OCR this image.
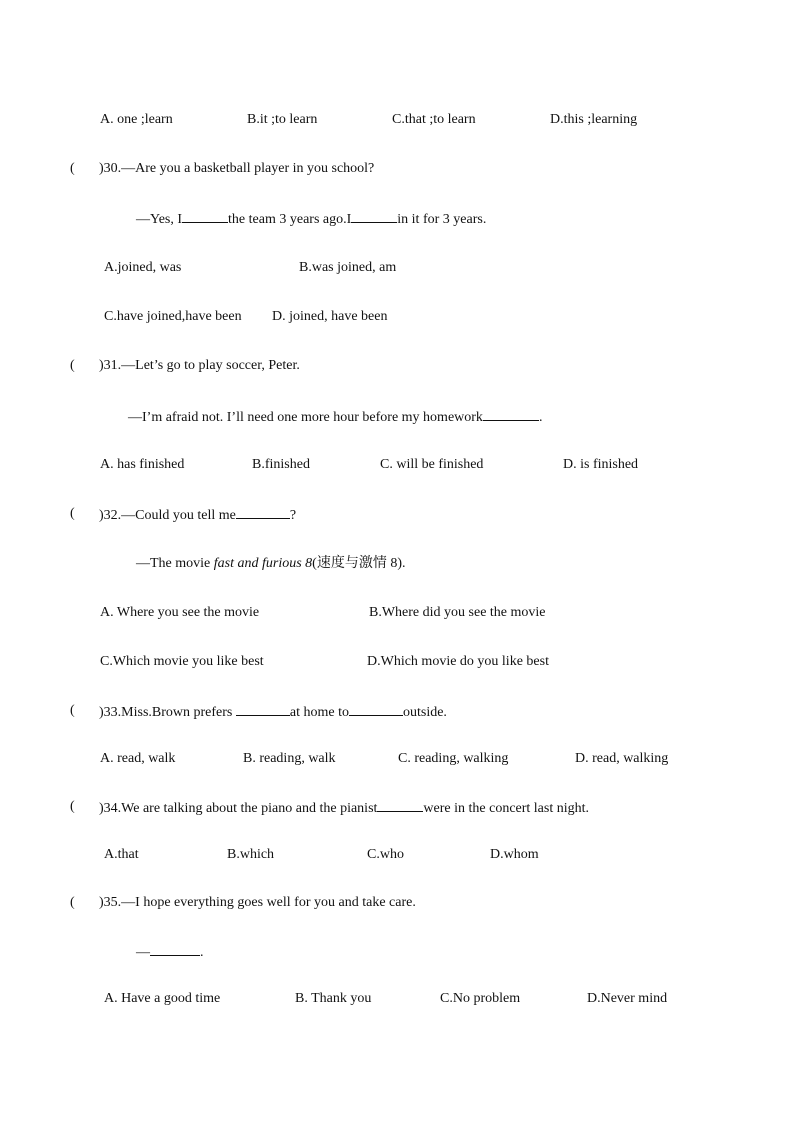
A. one ;learn	B.it ;to learn	C.that ;to learn	D.this ;learning
( )30.—Are you a basketball player in you school?
—Yes, I	the team 3 years ago.I	in it for 3 years.
A.joined, was	B.was joined, am
C.have joined,have been D. joined, have been
( )31.—Let’s go to play soccer, Peter.
—I’m afraid not. I’ll need one more hour before my homework	.
A. has finished	B.finished	C. will be finished	D. is finished
( )32.—Could you tell me	?
—The movie fast and furious 8(速度与激情 8).
A. Where you see the movie	B.Where did you see the movie
C.Which movie you like best	D.Which movie do you like best
( )33.Miss.Brown prefers	at home to	outside.
A. read, walk	B. reading, walk	C. reading, walking	D. read, walking
( )34.We are talking about the piano and the pianist	were in the concert last night.
A.that	B.which	C.who	D.whom
( )35.—I hope everything goes well for you and take care.
—	.
A. Have a good time	B. Thank you	C.No problem	D.Never mind
